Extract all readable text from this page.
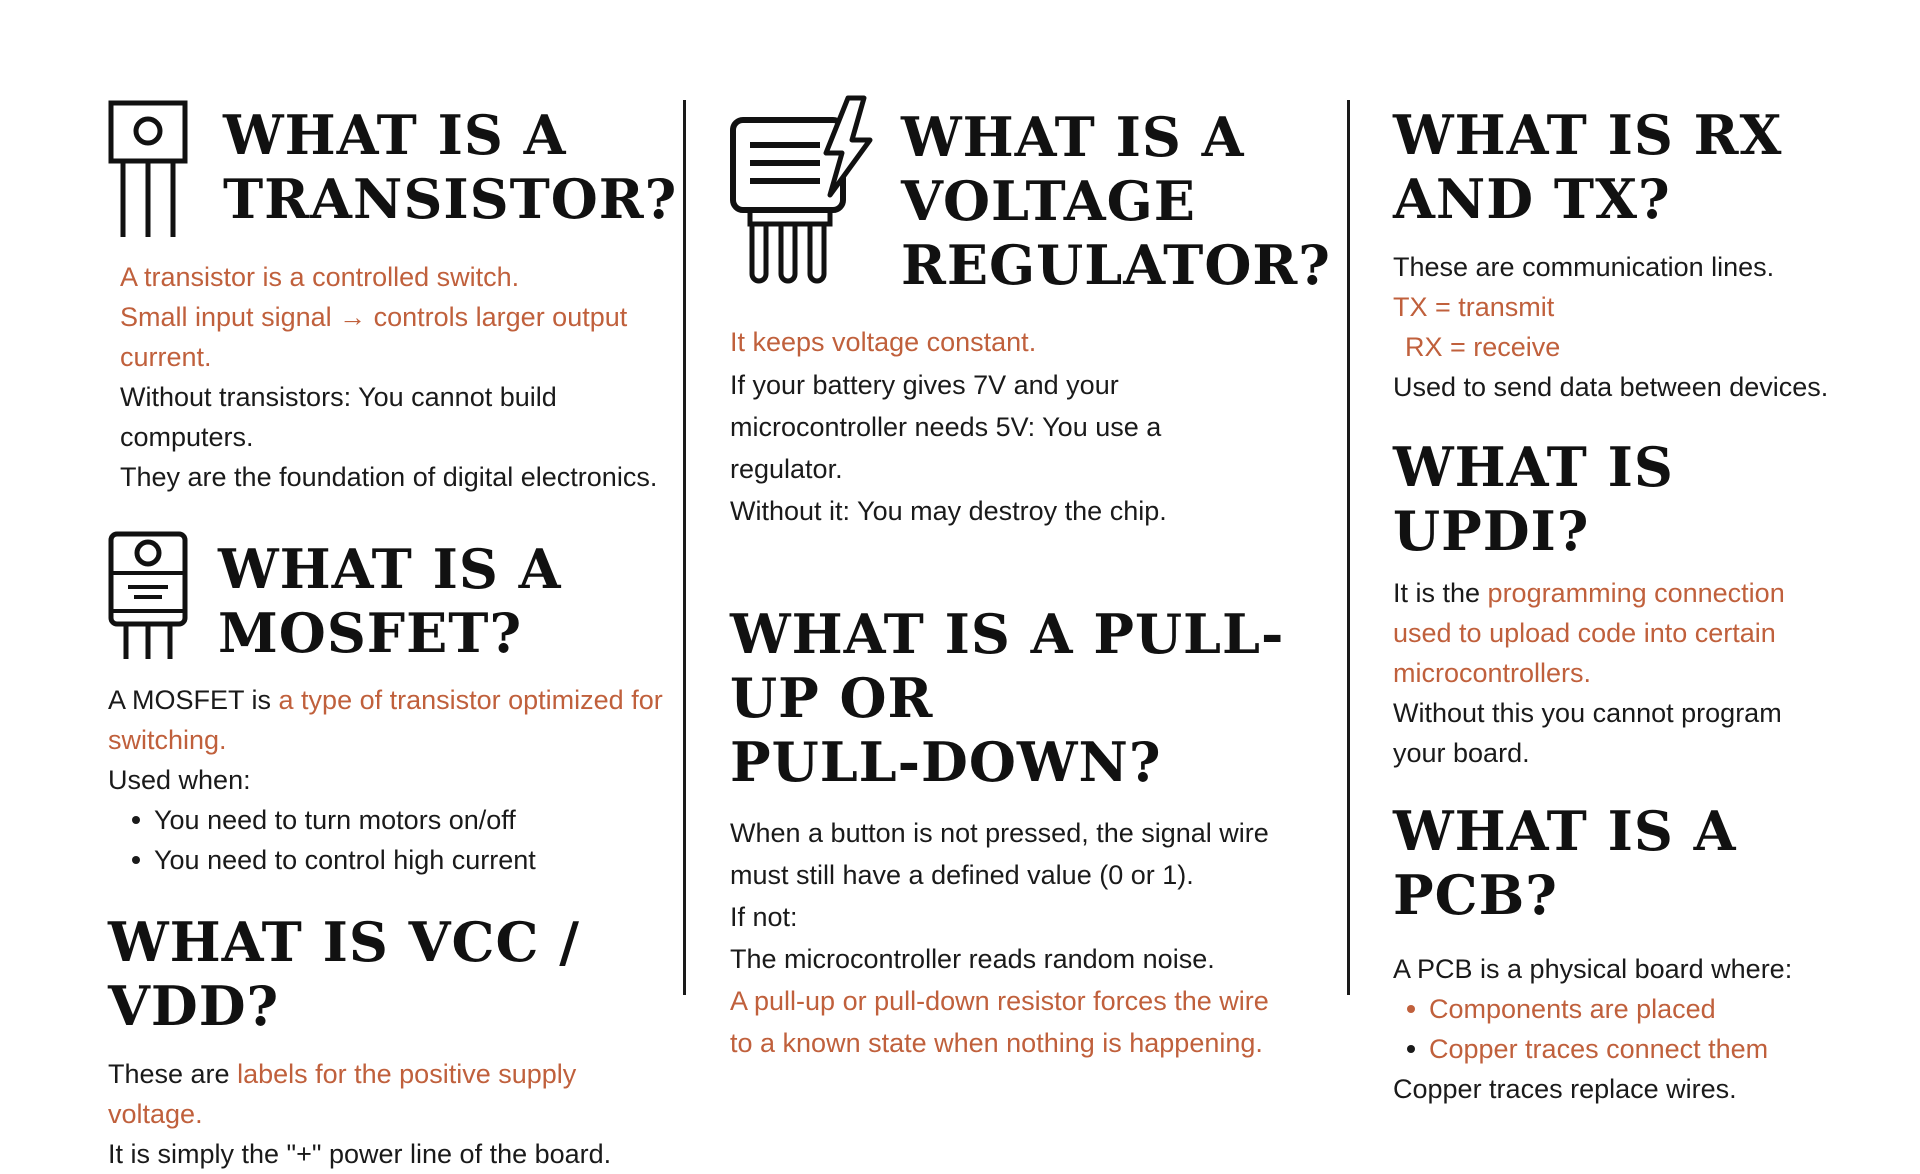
WHAT IS A
TRANSISTOR?

A transistor is a controlled switch.

Small input signal → controls larger output current.

Without transistors: You cannot build computers.

They are the foundation of digital electronics.

WHAT IS A
MOSFET?

A MOSFET is a type of transistor optimized for switching.

Used when:

You need to turn motors on/off
You need to control high current
WHAT IS VCC / VDD?

These are labels for the positive supply voltage.

It is simply the "+" power line of the board.

WHAT IS A
VOLTAGE
REGULATOR?

It keeps voltage constant.

If your battery gives 7V and your microcontroller needs 5V: You use a regulator.

Without it: You may destroy the chip.

WHAT IS A PULL-UP OR
PULL-DOWN?

When a button is not pressed, the signal wire must still have a defined value (0 or 1).

If not:

The microcontroller reads random noise.

A pull-up or pull-down resistor forces the wire to a known state when nothing is happening.

WHAT IS RX
AND TX?

These are communication lines.

TX = transmit

RX = receive

Used to send data between devices.

WHAT IS UPDI?

It is the programming connection used to upload code into certain microcontrollers.

Without this you cannot program your board.

WHAT IS A PCB?

A PCB is a physical board where:

Components are placed
Copper traces connect them

Copper traces replace wires.
